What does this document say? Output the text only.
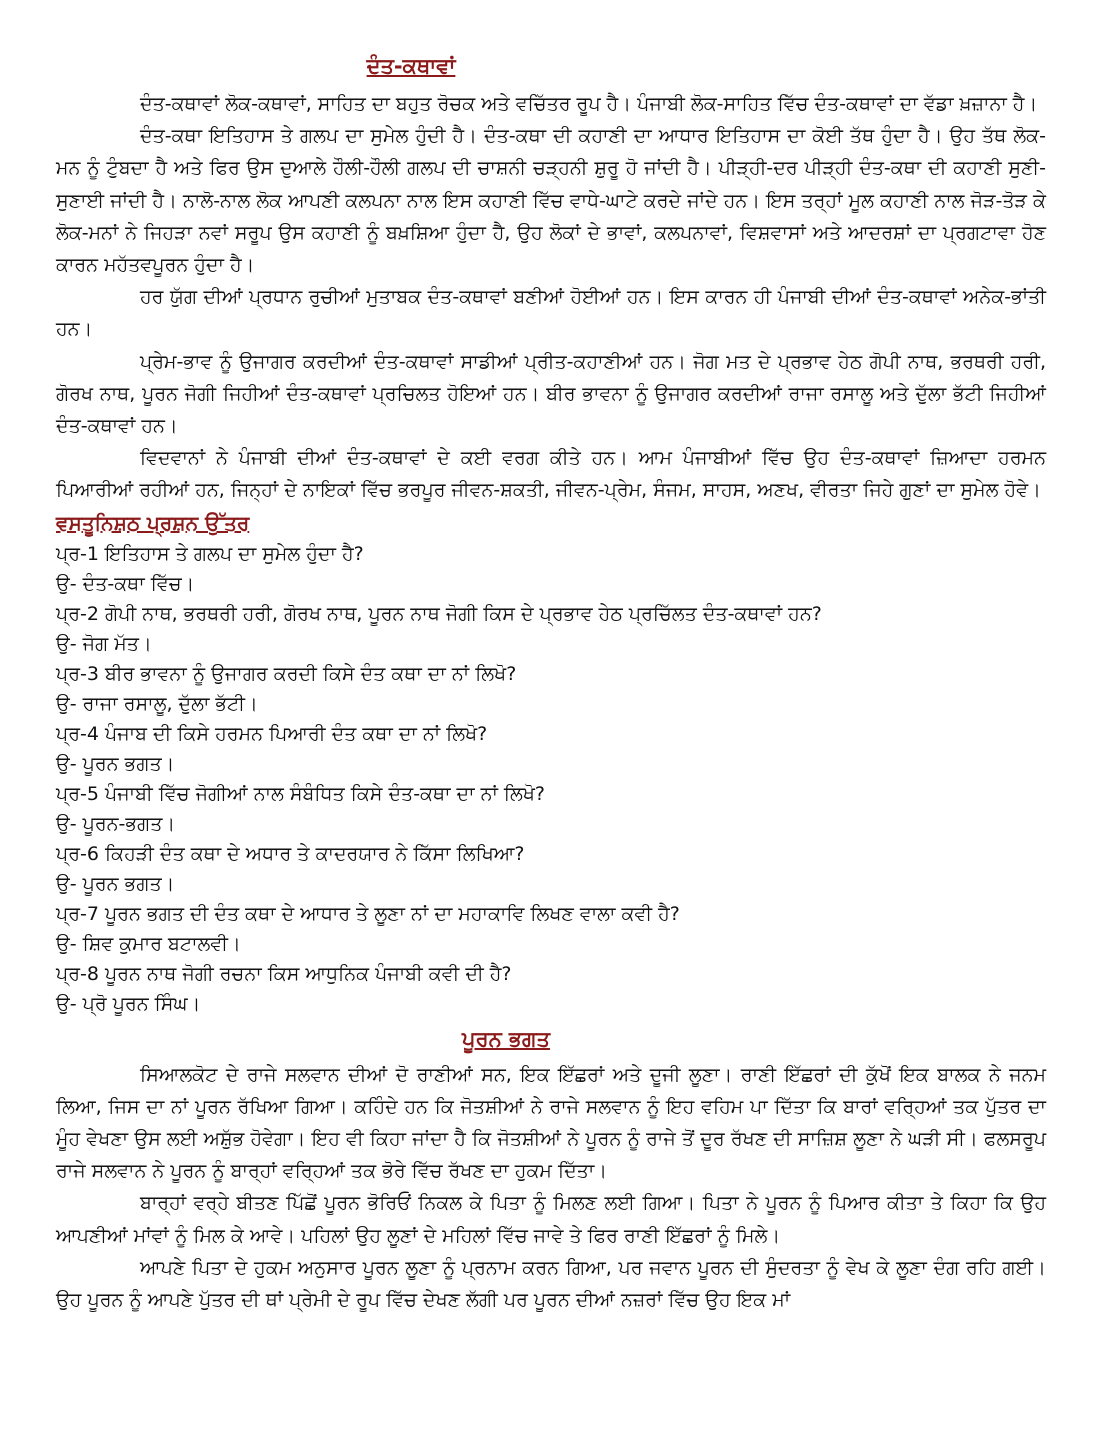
ਦੰਤ-ਕਥਾਵਾਂ

ਦੰਤ-ਕਥਾਵਾਂ ਲੋਕ-ਕਥਾਵਾਂ, ਸਾਹਿਤ ਦਾ ਬਹੁਤ ਰੋਚਕ ਅਤੇ ਵਚਿੱਤਰ ਰੂਪ ਹੈ। ਪੰਜਾਬੀ ਲੋਕ-ਸਾਹਿਤ ਵਿੱਚ ਦੰਤ-ਕਥਾਵਾਂ ਦਾ ਵੱਡਾ ਖ਼ਜ਼ਾਨਾ ਹੈ।

ਦੰਤ-ਕਥਾ ਇਤਿਹਾਸ ਤੇ ਗਲਪ ਦਾ ਸੁਮੇਲ ਹੁੰਦੀ ਹੈ। ਦੰਤ-ਕਥਾ ਦੀ ਕਹਾਣੀ ਦਾ ਆਧਾਰ ਇਤਿਹਾਸ ਦਾ ਕੋਈ ਤੱਥ ਹੁੰਦਾ ਹੈ। ਉਹ ਤੱਥ ਲੋਕ-ਮਨ ਨੂੰ ਟੁੰਬਦਾ ਹੈ ਅਤੇ ਫਿਰ ਉਸ ਦੁਆਲੇ ਹੌਲੀ-ਹੌਲੀ ਗਲਪ ਦੀ ਚਾਸ਼ਨੀ ਚੜ੍ਹਨੀ ਸ਼ੁਰੂ ਹੋ ਜਾਂਦੀ ਹੈ। ਪੀੜ੍ਹੀ-ਦਰ ਪੀੜ੍ਹੀ ਦੰਤ-ਕਥਾ ਦੀ ਕਹਾਣੀ ਸੁਣੀ-ਸੁਣਾਈ ਜਾਂਦੀ ਹੈ। ਨਾਲੋ-ਨਾਲ ਲੋਕ ਆਪਣੀ ਕਲਪਨਾ ਨਾਲ ਇਸ ਕਹਾਣੀ ਵਿੱਚ ਵਾਧੇ-ਘਾਟੇ ਕਰਦੇ ਜਾਂਦੇ ਹਨ। ਇਸ ਤਰ੍ਹਾਂ ਮੂਲ ਕਹਾਣੀ ਨਾਲ ਜੋੜ-ਤੋੜ ਕੇ ਲੋਕ-ਮਨਾਂ ਨੇ ਜਿਹੜਾ ਨਵਾਂ ਸਰੂਪ ਉਸ ਕਹਾਣੀ ਨੂੰ ਬਖ਼ਸ਼ਿਆ ਹੁੰਦਾ ਹੈ, ਉਹ ਲੋਕਾਂ ਦੇ ਭਾਵਾਂ, ਕਲਪਨਾਵਾਂ, ਵਿਸ਼ਵਾਸਾਂ ਅਤੇ ਆਦਰਸ਼ਾਂ ਦਾ ਪ੍ਰਗਟਾਵਾ ਹੋਣ ਕਾਰਨ ਮਹੱਤਵਪੂਰਨ ਹੁੰਦਾ ਹੈ।

ਹਰ ਯੁੱਗ ਦੀਆਂ ਪ੍ਰਧਾਨ ਰੁਚੀਆਂ ਮੁਤਾਬਕ ਦੰਤ-ਕਥਾਵਾਂ ਬਣੀਆਂ ਹੋਈਆਂ ਹਨ। ਇਸ ਕਾਰਨ ਹੀ ਪੰਜਾਬੀ ਦੀਆਂ ਦੰਤ-ਕਥਾਵਾਂ ਅਨੇਕ-ਭਾਂਤੀ ਹਨ।

ਪ੍ਰੇਮ-ਭਾਵ ਨੂੰ ਉਜਾਗਰ ਕਰਦੀਆਂ ਦੰਤ-ਕਥਾਵਾਂ ਸਾਡੀਆਂ ਪ੍ਰੀਤ-ਕਹਾਣੀਆਂ ਹਨ। ਜੋਗ ਮਤ ਦੇ ਪ੍ਰਭਾਵ ਹੇਠ ਗੋਪੀ ਨਾਥ, ਭਰਥਰੀ ਹਰੀ, ਗੋਰਖ ਨਾਥ, ਪੂਰਨ ਜੋਗੀ ਜਿਹੀਆਂ ਦੰਤ-ਕਥਾਵਾਂ ਪ੍ਰਚਿਲਤ ਹੋਇਆਂ ਹਨ। ਬੀਰ ਭਾਵਨਾ ਨੂੰ ਉਜਾਗਰ ਕਰਦੀਆਂ ਰਾਜਾ ਰਸਾਲੂ ਅਤੇ ਦੁੱਲਾ ਭੱਟੀ ਜਿਹੀਆਂ ਦੰਤ-ਕਥਾਵਾਂ ਹਨ।

ਵਿਦਵਾਨਾਂ ਨੇ ਪੰਜਾਬੀ ਦੀਆਂ ਦੰਤ-ਕਥਾਵਾਂ ਦੇ ਕਈ ਵਰਗ ਕੀਤੇ ਹਨ। ਆਮ ਪੰਜਾਬੀਆਂ ਵਿੱਚ ਉਹ ਦੰਤ-ਕਥਾਵਾਂ ਜ਼ਿਆਦਾ ਹਰਮਨ ਪਿਆਰੀਆਂ ਰਹੀਆਂ ਹਨ, ਜਿਨ੍ਹਾਂ ਦੇ ਨਾਇਕਾਂ ਵਿੱਚ ਭਰਪੂਰ ਜੀਵਨ-ਸ਼ਕਤੀ, ਜੀਵਨ-ਪ੍ਰੇਮ, ਸੰਜਮ, ਸਾਹਸ, ਅਣਖ, ਵੀਰਤਾ ਜਿਹੇ ਗੁਣਾਂ ਦਾ ਸੁਮੇਲ ਹੋਵੇ।

ਵਸਤੂਨਿਸ਼ਠ ਪ੍ਰਸ਼ਨ ਉੱਤਰ
ਪ੍ਰ-1 ਇਤਿਹਾਸ ਤੇ ਗਲਪ ਦਾ ਸੁਮੇਲ ਹੁੰਦਾ ਹੈ?
ਉ- ਦੰਤ-ਕਥਾ ਵਿੱਚ।
ਪ੍ਰ-2 ਗੋਪੀ ਨਾਥ, ਭਰਥਰੀ ਹਰੀ, ਗੋਰਖ ਨਾਥ, ਪੂਰਨ ਨਾਥ ਜੋਗੀ ਕਿਸ ਦੇ ਪ੍ਰਭਾਵ ਹੇਠ ਪ੍ਰਚਿੱਲਤ ਦੰਤ-ਕਥਾਵਾਂ ਹਨ?
ਉ- ਜੋਗ ਮੱਤ।
ਪ੍ਰ-3 ਬੀਰ ਭਾਵਨਾ ਨੂੰ ਉਜਾਗਰ ਕਰਦੀ ਕਿਸੇ ਦੰਤ ਕਥਾ ਦਾ ਨਾਂ ਲਿਖੋ?
ਉ- ਰਾਜਾ ਰਸਾਲੂ, ਦੁੱਲਾ ਭੱਟੀ।
ਪ੍ਰ-4 ਪੰਜਾਬ ਦੀ ਕਿਸੇ ਹਰਮਨ ਪਿਆਰੀ ਦੰਤ ਕਥਾ ਦਾ ਨਾਂ ਲਿਖੋ?
ਉ- ਪੂਰਨ ਭਗਤ।
ਪ੍ਰ-5 ਪੰਜਾਬੀ ਵਿੱਚ ਜੋਗੀਆਂ ਨਾਲ ਸੰਬੰਧਿਤ ਕਿਸੇ ਦੰਤ-ਕਥਾ ਦਾ ਨਾਂ ਲਿਖੋ?
ਉ- ਪੂਰਨ-ਭਗਤ।
ਪ੍ਰ-6 ਕਿਹੜੀ ਦੰਤ ਕਥਾ ਦੇ ਅਧਾਰ ਤੇ ਕਾਦਰਯਾਰ ਨੇ ਕਿੱਸਾ ਲਿਖਿਆ?
ਉ- ਪੂਰਨ ਭਗਤ।
ਪ੍ਰ-7 ਪੂਰਨ ਭਗਤ ਦੀ ਦੰਤ ਕਥਾ ਦੇ ਆਧਾਰ ਤੇ ਲੂਣਾ ਨਾਂ ਦਾ ਮਹਾਕਾਵਿ ਲਿਖਣ ਵਾਲਾ ਕਵੀ ਹੈ?
ਉ- ਸ਼ਿਵ ਕੁਮਾਰ ਬਟਾਲਵੀ।
ਪ੍ਰ-8 ਪੂਰਨ ਨਾਥ ਜੋਗੀ ਰਚਨਾ ਕਿਸ ਆਧੁਨਿਕ ਪੰਜਾਬੀ ਕਵੀ ਦੀ ਹੈ?
ਉ- ਪ੍ਰੋ ਪੂਰਨ ਸਿੰਘ।
ਪੂਰਨ ਭਗਤ

ਸਿਆਲਕੋਟ ਦੇ ਰਾਜੇ ਸਲਵਾਨ ਦੀਆਂ ਦੋ ਰਾਣੀਆਂ ਸਨ, ਇਕ ਇੱਛਰਾਂ ਅਤੇ ਦੂਜੀ ਲੂਣਾ। ਰਾਣੀ ਇੱਛਰਾਂ ਦੀ ਕੁੱਖੋਂ ਇਕ ਬਾਲਕ ਨੇ ਜਨਮ ਲਿਆ, ਜਿਸ ਦਾ ਨਾਂ ਪੂਰਨ ਰੱਖਿਆ ਗਿਆ। ਕਹਿੰਦੇ ਹਨ ਕਿ ਜੋਤਸ਼ੀਆਂ ਨੇ ਰਾਜੇ ਸਲਵਾਨ ਨੂੰ ਇਹ ਵਹਿਮ ਪਾ ਦਿੱਤਾ ਕਿ ਬਾਰਾਂ ਵਰ੍ਹਿਆਂ ਤਕ ਪੁੱਤਰ ਦਾ ਮੂੰਹ ਵੇਖਣਾ ਉਸ ਲਈ ਅਸ਼ੁੱਭ ਹੋਵੇਗਾ। ਇਹ ਵੀ ਕਿਹਾ ਜਾਂਦਾ ਹੈ ਕਿ ਜੋਤਸ਼ੀਆਂ ਨੇ ਪੂਰਨ ਨੂੰ ਰਾਜੇ ਤੋਂ ਦੂਰ ਰੱਖਣ ਦੀ ਸਾਜ਼ਿਸ਼ ਲੂਣਾ ਨੇ ਘੜੀ ਸੀ। ਫਲਸਰੂਪ ਰਾਜੇ ਸਲਵਾਨ ਨੇ ਪੂਰਨ ਨੂੰ ਬਾਰ੍ਹਾਂ ਵਰ੍ਹਿਆਂ ਤਕ ਭੋਰੇ ਵਿੱਚ ਰੱਖਣ ਦਾ ਹੁਕਮ ਦਿੱਤਾ।

ਬਾਰ੍ਹਾਂ ਵਰ੍ਹੇ ਬੀਤਣ ਪਿੱਛੋਂ ਪੂਰਨ ਭੋਰਿਓਂ ਨਿਕਲ ਕੇ ਪਿਤਾ ਨੂੰ ਮਿਲਣ ਲਈ ਗਿਆ। ਪਿਤਾ ਨੇ ਪੂਰਨ ਨੂੰ ਪਿਆਰ ਕੀਤਾ ਤੇ ਕਿਹਾ ਕਿ ਉਹ ਆਪਣੀਆਂ ਮਾਂਵਾਂ ਨੂੰ ਮਿਲ ਕੇ ਆਵੇ। ਪਹਿਲਾਂ ਉਹ ਲੂਣਾਂ ਦੇ ਮਹਿਲਾਂ ਵਿੱਚ ਜਾਵੇ ਤੇ ਫਿਰ ਰਾਣੀ ਇੱਛਰਾਂ ਨੂੰ ਮਿਲੇ।

ਆਪਣੇ ਪਿਤਾ ਦੇ ਹੁਕਮ ਅਨੁਸਾਰ ਪੂਰਨ ਲੂਣਾ ਨੂੰ ਪ੍ਰਨਾਮ ਕਰਨ ਗਿਆ, ਪਰ ਜਵਾਨ ਪੂਰਨ ਦੀ ਸੁੰਦਰਤਾ ਨੂੰ ਵੇਖ ਕੇ ਲੂਣਾ ਦੰਗ ਰਹਿ ਗਈ। ਉਹ ਪੂਰਨ ਨੂੰ ਆਪਣੇ ਪੁੱਤਰ ਦੀ ਥਾਂ ਪ੍ਰੇਮੀ ਦੇ ਰੂਪ ਵਿੱਚ ਦੇਖਣ ਲੱਗੀ ਪਰ ਪੂਰਨ ਦੀਆਂ ਨਜ਼ਰਾਂ ਵਿੱਚ ਉਹ ਇਕ ਮਾਂ
